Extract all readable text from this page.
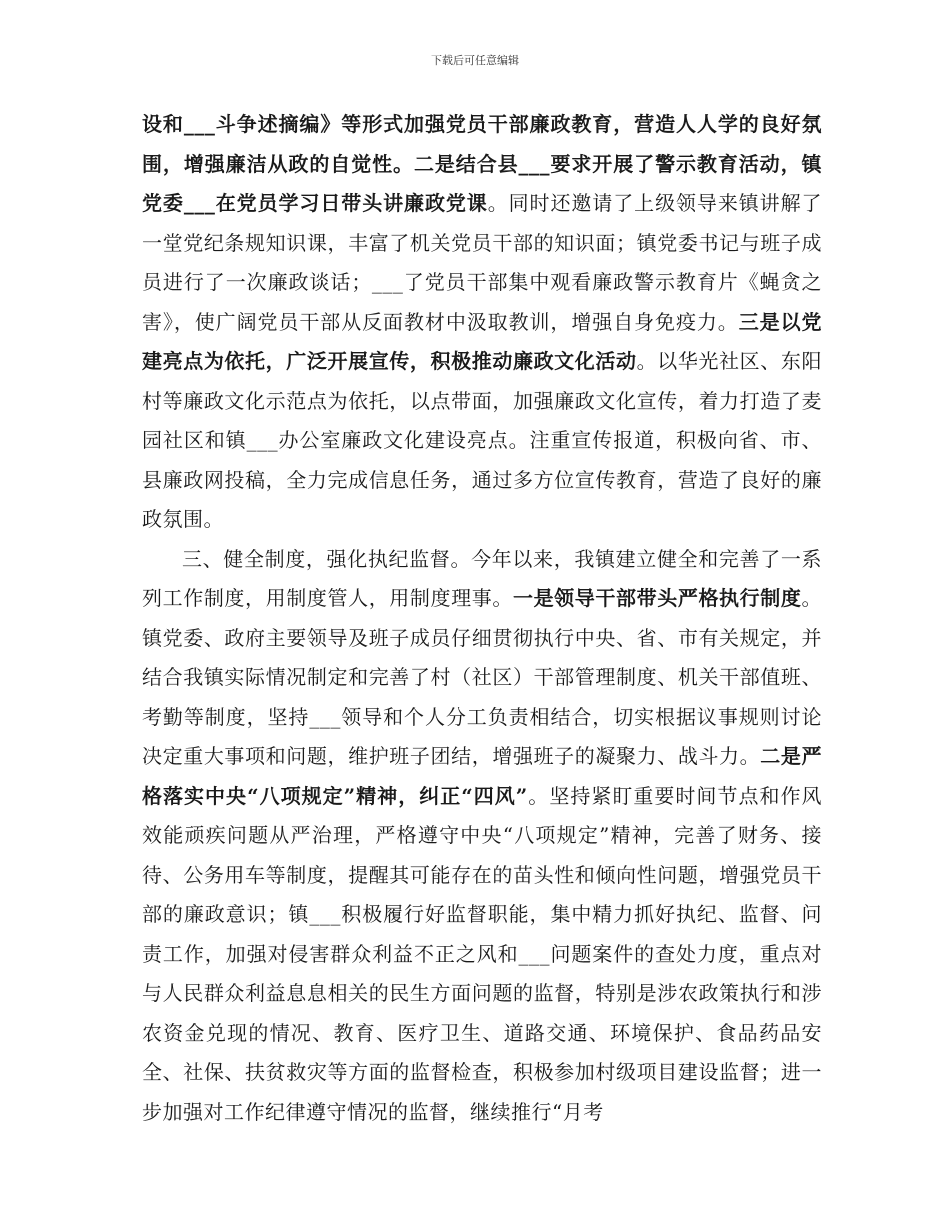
下载后可任意编辑

设和___斗争述摘编》等形式加强党员干部廉政教育，营造人人学的良好氛围，增强廉洁从政的自觉性。二是结合县___要求开展了警示教育活动，镇党委___在党员学习日带头讲廉政党课。同时还邀请了上级领导来镇讲解了一堂党纪条规知识课，丰富了机关党员干部的知识面；镇党委书记与班子成员进行了一次廉政谈话；___了党员干部集中观看廉政警示教育片《蝇贪之害》，使广阔党员干部从反面教材中汲取教训，增强自身免疫力。三是以党建亮点为依托，广泛开展宣传，积极推动廉政文化活动。以华光社区、东阳村等廉政文化示范点为依托，以点带面，加强廉政文化宣传，着力打造了麦园社区和镇___办公室廉政文化建设亮点。注重宣传报道，积极向省、市、县廉政网投稿，全力完成信息任务，通过多方位宣传教育，营造了良好的廉政氛围。

三、健全制度，强化执纪监督。今年以来，我镇建立健全和完善了一系列工作制度，用制度管人，用制度理事。一是领导干部带头严格执行制度。镇党委、政府主要领导及班子成员仔细贯彻执行中央、省、市有关规定，并结合我镇实际情况制定和完善了村（社区）干部管理制度、机关干部值班、考勤等制度，坚持___领导和个人分工负责相结合，切实根据议事规则讨论决定重大事项和问题，维护班子团结，增强班子的凝聚力、战斗力。二是严格落实中央“八项规定”精神，纠正“四风”。坚持紧盯重要时间节点和作风效能顽疾问题从严治理，严格遵守中央“八项规定”精神，完善了财务、接待、公务用车等制度，提醒其可能存在的苗头性和倾向性问题，增强党员干部的廉政意识；镇___积极履行好监督职能，集中精力抓好执纪、监督、问责工作，加强对侵害群众利益不正之风和___问题案件的查处力度，重点对与人民群众利益息息相关的民生方面问题的监督，特别是涉农政策执行和涉农资金兑现的情况、教育、医疗卫生、道路交通、环境保护、食品药品安全、社保、扶贫救灾等方面的监督检查，积极参加村级项目建设监督；进一步加强对工作纪律遵守情况的监督，继续推行“月考
